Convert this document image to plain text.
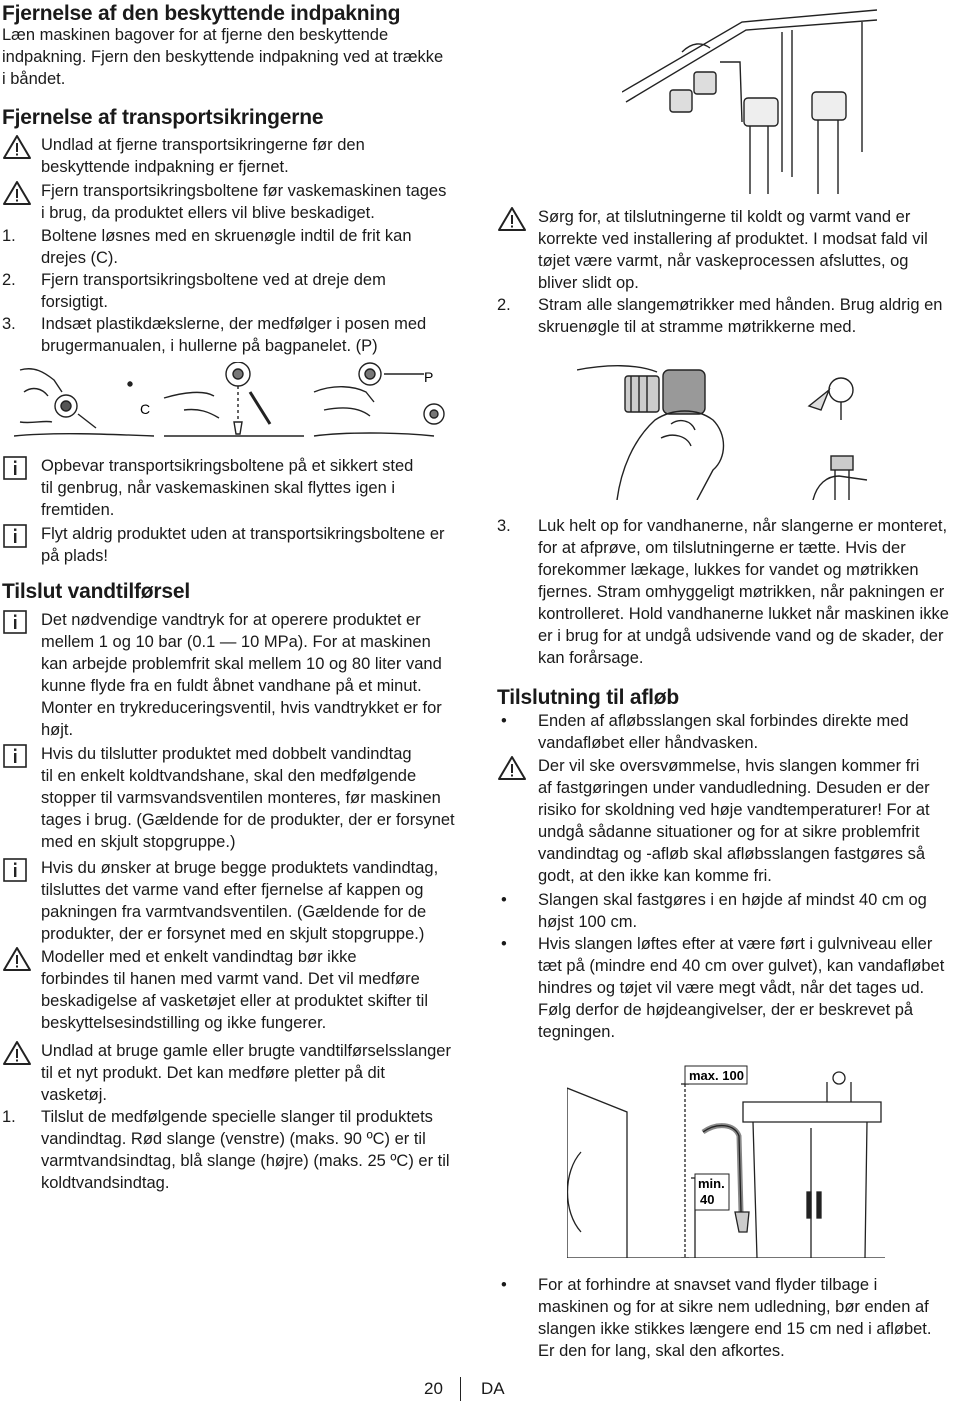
Fjernelse af den beskyttende indpakning

Læn maskinen bagover for at fjerne den beskyttende

indpakning. Fjern den beskyttende indpakning ved at trække

i båndet.

Fjernelse af transportsikringerne

Undlad at fjerne transportsikringerne før den

beskyttende indpakning er fjernet.

Fjern transportsikringsboltene før vaskemaskinen tages

i brug, da produktet ellers vil blive beskadiget.

1. Boltene løsnes med en skruenøgle indtil de frit kan

drejes (C).

2. Fjern transportsikringsboltene ved at dreje dem

forsigtigt.

3. Indsæt plastikdækslerne, der medfølger i posen med

brugermanualen, i hullerne på bagpanelet. (P)

C
P

Opbevar transportsikringsboltene på et sikkert sted

til genbrug, når vaskemaskinen skal flyttes igen i

fremtiden.

Flyt aldrig produktet uden at transportsikringsboltene er

på plads!

Tilslut vandtilførsel

Det nødvendige vandtryk for at operere produktet er

mellem 1 og 10 bar (0.1 — 10 MPa). For at maskinen

kan arbejde problemfrit skal mellem 10 og 80 liter vand

kunne flyde fra en fuldt åbnet vandhane på et minut.

Monter en trykreduceringsventil, hvis vandtrykket er for

højt.

Hvis du tilslutter produktet med dobbelt vandindtag

til en enkelt koldtvandshane, skal den medfølgende

stopper til varmsvandsventilen monteres, før maskinen

tages i brug. (Gældende for de produkter, der er forsynet

med en skjult stopgruppe.)

Hvis du ønsker at bruge begge produktets vandindtag,

tilsluttes det varme vand efter fjernelse af kappen og

pakningen fra varmtvandsventilen. (Gældende for de

produkter, der er forsynet med en skjult stopgruppe.)

Modeller med et enkelt vandindtag bør ikke

forbindes til hanen med varmt vand. Det vil medføre

beskadigelse af vasketøjet eller at produktet skifter til

beskyttelsesindstilling og ikke fungerer.

Undlad at bruge gamle eller brugte vandtilførselsslanger

til et nyt produkt. Det kan medføre pletter på dit

vasketøj.

1. Tilslut de medfølgende specielle slanger til produktets

vandindtag. Rød slange (venstre) (maks. 90 ºC) er til

varmtvandsindtag, blå slange (højre) (maks. 25 ºC) er til

koldtvandsindtag.

Sørg for, at tilslutningerne til koldt og varmt vand er

korrekte ved installering af produktet. I modsat fald vil

tøjet være varmt, når vaskeprocessen afsluttes, og

bliver slidt op.

2. Stram alle slangemøtrikker med hånden. Brug aldrig en

skruenøgle til at stramme møtrikkerne med.

3. Luk helt op for vandhanerne, når slangerne er monteret,

for at afprøve, om tilslutningerne er tætte. Hvis der

forekommer lækage, lukkes for vandet og møtrikken

fjernes. Stram omhyggeligt møtrikken, når pakningen er

kontrolleret. Hold vandhanerne lukket når maskinen ikke

er i brug for at undgå udsivende vand og de skader, der

kan forårsage.

Tilslutning til afløb
• Enden af afløbsslangen skal forbindes direkte med

vandafløbet eller håndvasken.

Der vil ske oversvømmelse, hvis slangen kommer fri

af fastgøringen under vandudledning. Desuden er der

risiko for skoldning ved høje vandtemperaturer! For at

undgå sådanne situationer og for at sikre problemfrit

vandindtag og -afløb skal afløbsslangen fastgøres så

godt, at den ikke kan komme fri.

• Slangen skal fastgøres i en højde af mindst 40 cm og

højst 100 cm.

• Hvis slangen løftes efter at være ført i gulvniveau eller

tæt på (mindre end 40 cm over gulvet), kan vandafløbet

hindres og tøjet vil være megt vådt, når det tages ud.

Følg derfor de højdeangivelser, der er beskrevet på

tegningen.

max. 100
min.
40
• For at forhindre at snavset vand flyder tilbage i

maskinen og for at sikre nem udledning, bør enden af

slangen ikke stikkes længere end 15 cm ned i afløbet.

Er den for lang, skal den afkortes.

20 DA
